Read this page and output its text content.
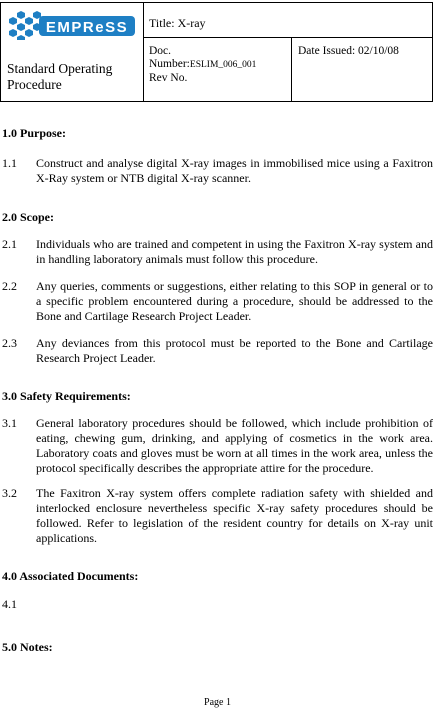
EMPReSS
Standard Operating Procedure
Title: X-ray
Doc.
Number:ESLIM_006_001
Rev No.
Date Issued: 02/10/08
1.0 Purpose:
1.1 Construct and analyse digital X-ray images in immobilised mice using a Faxitron X-Ray system or NTB digital X-ray scanner.
2.0 Scope:
2.1 Individuals who are trained and competent in using the Faxitron X-ray system and in handling laboratory animals must follow this procedure.
2.2 Any queries, comments or suggestions, either relating to this SOP in general or to a specific problem encountered during a procedure, should be addressed to the Bone and Cartilage Research Project Leader.
2.3 Any deviances from this protocol must be reported to the Bone and Cartilage Research Project Leader.
3.0 Safety Requirements:
3.1 General laboratory procedures should be followed, which include prohibition of eating, chewing gum, drinking, and applying of cosmetics in the work area. Laboratory coats and gloves must be worn at all times in the work area, unless the protocol specifically describes the appropriate attire for the procedure.
3.2 The Faxitron X-ray system offers complete radiation safety with shielded and interlocked enclosure nevertheless specific X-ray safety procedures should be followed. Refer to legislation of the resident country for details on X-ray unit applications.
4.0 Associated Documents:
4.1
5.0 Notes:
Page 1
